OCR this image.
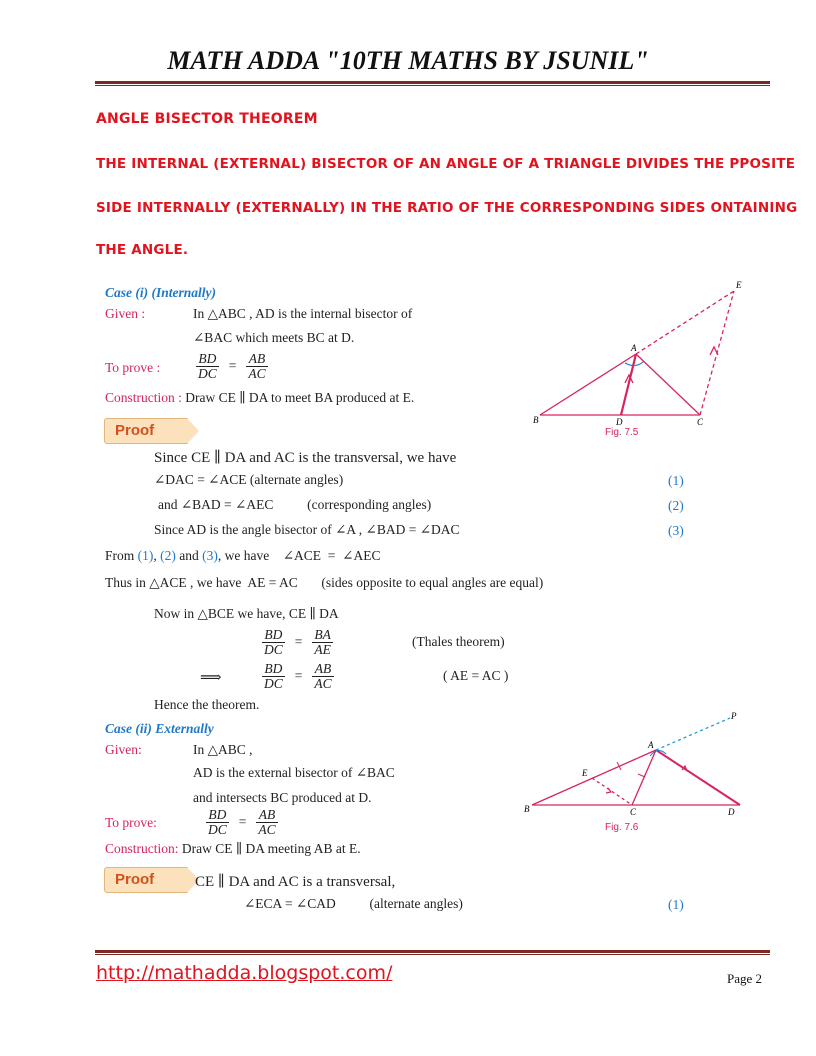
MATH ADDA "10TH MATHS BY JSUNIL"
ANGLE BISECTOR THEOREM
THE INTERNAL (EXTERNAL) BISECTOR OF AN ANGLE OF A TRIANGLE DIVIDES THE PPOSITE
SIDE INTERNALLY (EXTERNALLY) IN THE RATIO OF THE CORRESPONDING SIDES ONTAINING
THE ANGLE.
Case (i) (Internally)
Given :	In △ABC , AD is the internal bisector of
∠BAC which meets BC at D.
To prove :	$\frac{BD}{DC} = \frac{AB}{AC}$
Construction : Draw CE ∥ DA to meet BA produced at E.
A
B	C
D
E
Fig. 7.5
Proof
Since CE ∥ DA and AC is the transversal, we have
∠DAC = ∠ACE (alternate angles)	(1)
and ∠BAD = ∠AEC          (corresponding angles)	(2)
Since AD is the angle bisector of ∠A , ∠BAD = ∠DAC	(3)
From (1), (2) and (3), we have    ∠ACE  =  ∠AEC
Thus in △ACE , we have  AE = AC       (sides opposite to equal angles are equal)
Now in △BCE we have, CE ∥ DA
$\frac{BD}{DC} = \frac{BA}{AE}$	(Thales theorem)
⟹	$\frac{BD}{DC} = \frac{AB}{AC}$	( AE = AC )
Hence the theorem.
Case (ii) Externally
Given:	In △ABC ,
AD is the external bisector of ∠BAC
and intersects BC produced at D.
To prove:	$\frac{BD}{DC} = \frac{AB}{AC}$
Construction: Draw CE ∥ DA meeting AB at E.
A
B	C	D
E
P
Fig. 7.6
Proof	CE ∥ DA and AC is a transversal,
∠ECA = ∠CAD          (alternate angles)	(1)
http://mathadda.blogspot.com/	Page 2
